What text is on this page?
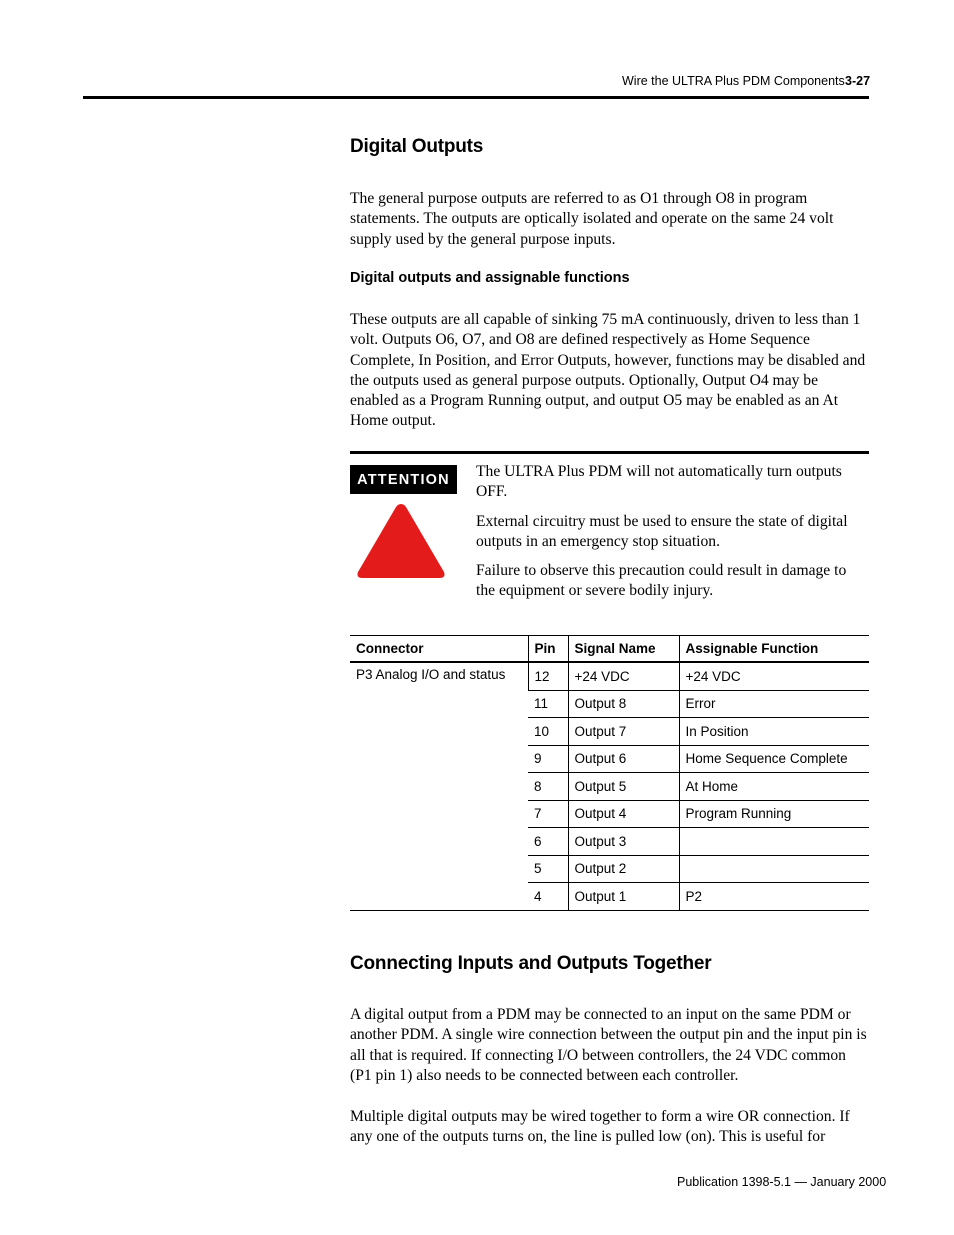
Wire the ULTRA Plus PDM Components 3-27
Digital Outputs

The general purpose outputs are referred to as O1 through O8 in program statements. The outputs are optically isolated and operate on the same 24 volt supply used by the general purpose inputs.

Digital outputs and assignable functions

These outputs are all capable of sinking 75 mA continuously, driven to less than 1 volt. Outputs O6, O7, and O8 are defined respectively as Home Sequence Complete, In Position, and Error Outputs, however, functions may be disabled and the outputs used as general purpose outputs. Optionally, Output O4 may be enabled as a Program Running output, and output O5 may be enabled as an At Home output.

ATTENTION	The ULTRA Plus PDM will not automatically turn outputs OFF.

External circuitry must be used to ensure the state of digital outputs in an emergency stop situation.

Failure to observe this precaution could result in damage to the equipment or severe bodily injury.

Connector	Pin	Signal Name	Assignable Function
P3 Analog I/O and status	12	+24 VDC	+24 VDC
	11	Output 8	Error
	10	Output 7	In Position
	9	Output 6	Home Sequence Complete
	8	Output 5	At Home
	7	Output 4	Program Running
	6	Output 3	
	5	Output 2	
	4	Output 1	P2
Connecting Inputs and Outputs Together

A digital output from a PDM may be connected to an input on the same PDM or another PDM. A single wire connection between the output pin and the input pin is all that is required. If connecting I/O between controllers, the 24 VDC common (P1 pin 1) also needs to be connected between each controller.

Multiple digital outputs may be wired together to form a wire OR connection. If any one of the outputs turns on, the line is pulled low (on). This is useful for

Publication 1398-5.1 — January 2000
